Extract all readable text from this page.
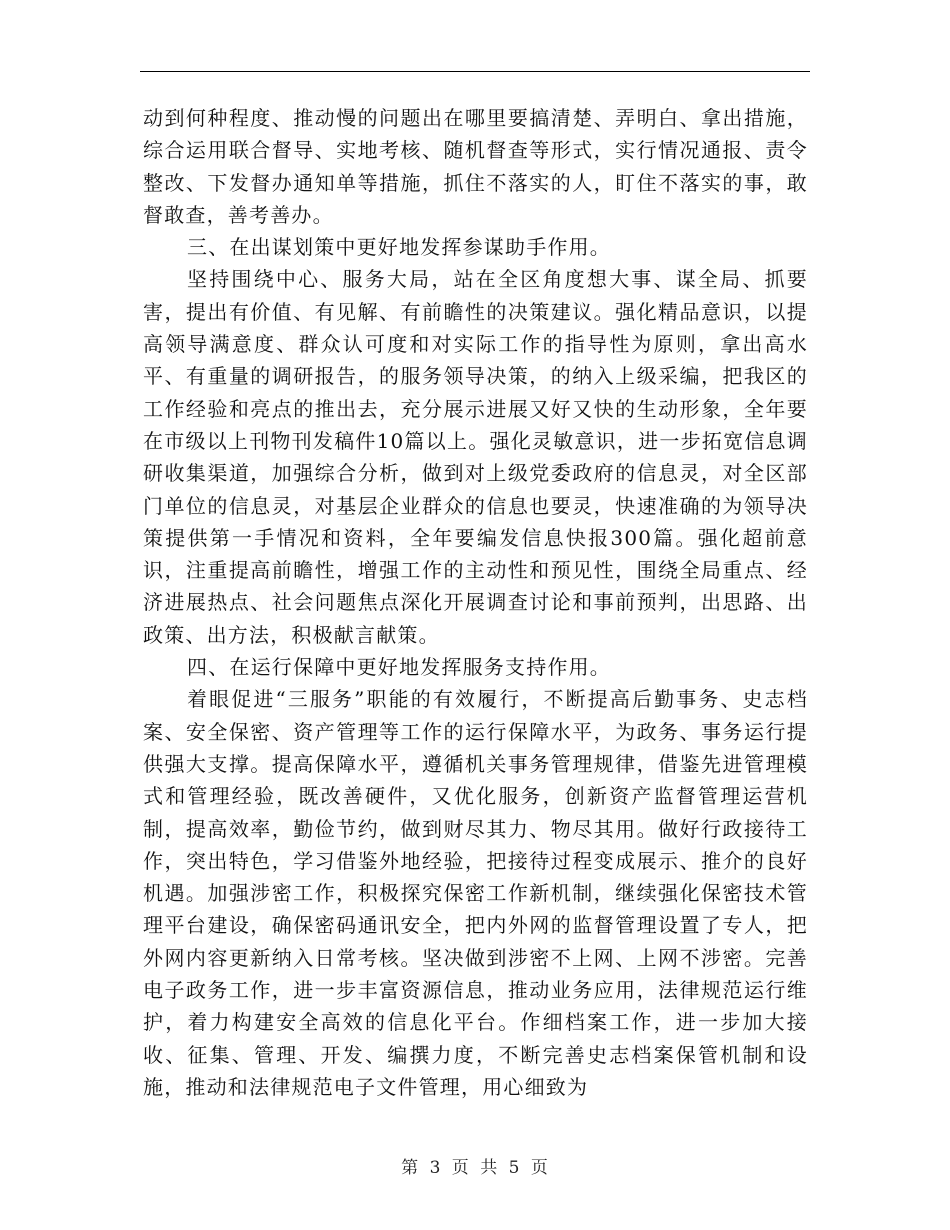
动到何种程度、推动慢的问题出在哪里要搞清楚、弄明白、拿出措施，综合运用联合督导、实地考核、随机督查等形式，实行情况通报、责令整改、下发督办通知单等措施，抓住不落实的人，盯住不落实的事，敢督敢查，善考善办。

三、在出谋划策中更好地发挥参谋助手作用。

坚持围绕中心、服务大局，站在全区角度想大事、谋全局、抓要害，提出有价值、有见解、有前瞻性的决策建议。强化精品意识，以提高领导满意度、群众认可度和对实际工作的指导性为原则，拿出高水平、有重量的调研报告，的服务领导决策，的纳入上级采编，把我区的工作经验和亮点的推出去，充分展示进展又好又快的生动形象，全年要在市级以上刊物刊发稿件10篇以上。强化灵敏意识，进一步拓宽信息调研收集渠道，加强综合分析，做到对上级党委政府的信息灵，对全区部门单位的信息灵，对基层企业群众的信息也要灵，快速准确的为领导决策提供第一手情况和资料，全年要编发信息快报300篇。强化超前意识，注重提高前瞻性，增强工作的主动性和预见性，围绕全局重点、经济进展热点、社会问题焦点深化开展调查讨论和事前预判，出思路、出政策、出方法，积极献言献策。

四、在运行保障中更好地发挥服务支持作用。

着眼促进“三服务”职能的有效履行，不断提高后勤事务、史志档案、安全保密、资产管理等工作的运行保障水平，为政务、事务运行提供强大支撑。提高保障水平，遵循机关事务管理规律，借鉴先进管理模式和管理经验，既改善硬件，又优化服务，创新资产监督管理运营机制，提高效率，勤俭节约，做到财尽其力、物尽其用。做好行政接待工作，突出特色，学习借鉴外地经验，把接待过程变成展示、推介的良好机遇。加强涉密工作，积极探究保密工作新机制，继续强化保密技术管理平台建设，确保密码通讯安全，把内外网的监督管理设置了专人，把外网内容更新纳入日常考核。坚决做到涉密不上网、上网不涉密。完善电子政务工作，进一步丰富资源信息，推动业务应用，法律规范运行维护，着力构建安全高效的信息化平台。作细档案工作，进一步加大接收、征集、管理、开发、编撰力度，不断完善史志档案保管机制和设施，推动和法律规范电子文件管理，用心细致为

第 3 页 共 5 页
